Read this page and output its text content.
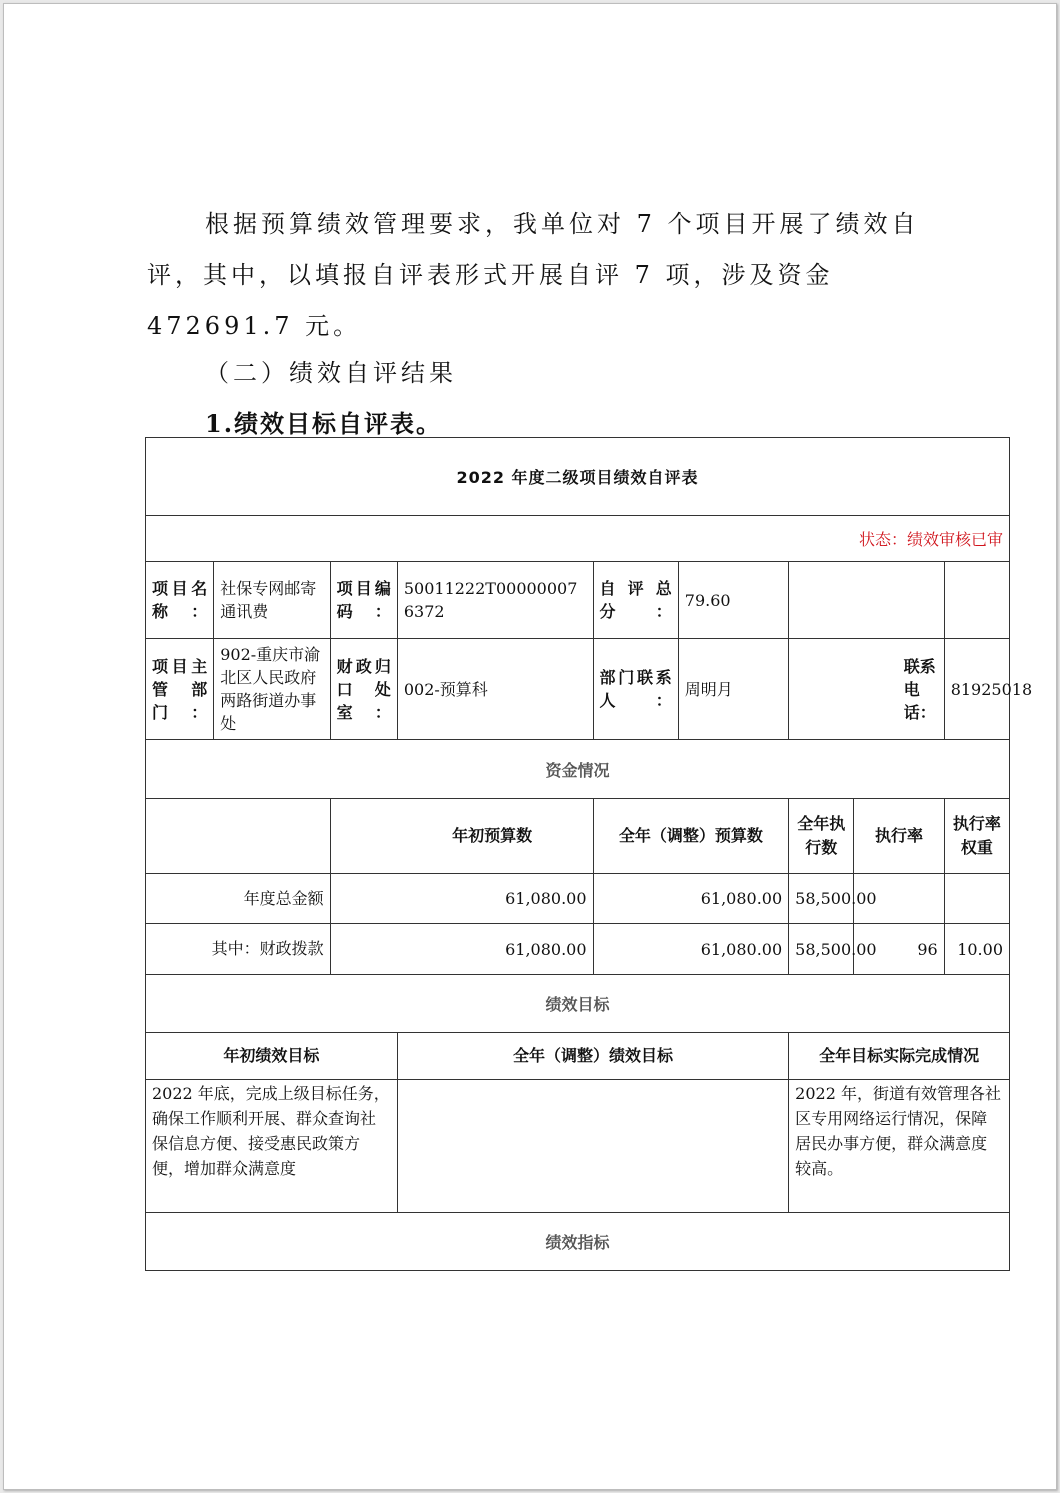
根据预算绩效管理要求，我单位对 7 个项目开展了绩效自评，其中，以填报自评表形式开展自评 7 项，涉及资金472691.7 元。

（二）绩效自评结果

1.绩效目标自评表。

2022 年度二级项目绩效自评表								
状态：绩效审核已审								
项目名称：	社保专网邮寄通讯费	项目编码：	50011222T000000076372	自评总分：	79.60			
项目主管部门：	902-重庆市渝北区人民政府两路街道办事处	财政归口处室：	002-预算科	部门联系人：	周明月	联系电话：		81925018
资金情况								
		年初预算数		全年（调整）预算数		全年执行数	执行率	执行率权重
年度总金额		61,080.00		61,080.00		58,500.00		
其中：财政拨款		61,080.00		61,080.00		58,500.00	96	10.00
绩效目标								
年初绩效目标			全年（调整）绩效目标			全年目标实际完成情况		
2022 年底，完成上级目标任务，确保工作顺利开展、群众查询社保信息方便、接受惠民政策方便，增加群众满意度						2022 年，街道有效管理各社区专用网络运行情况，保障居民办事方便，群众满意度较高。		
绩效指标								
